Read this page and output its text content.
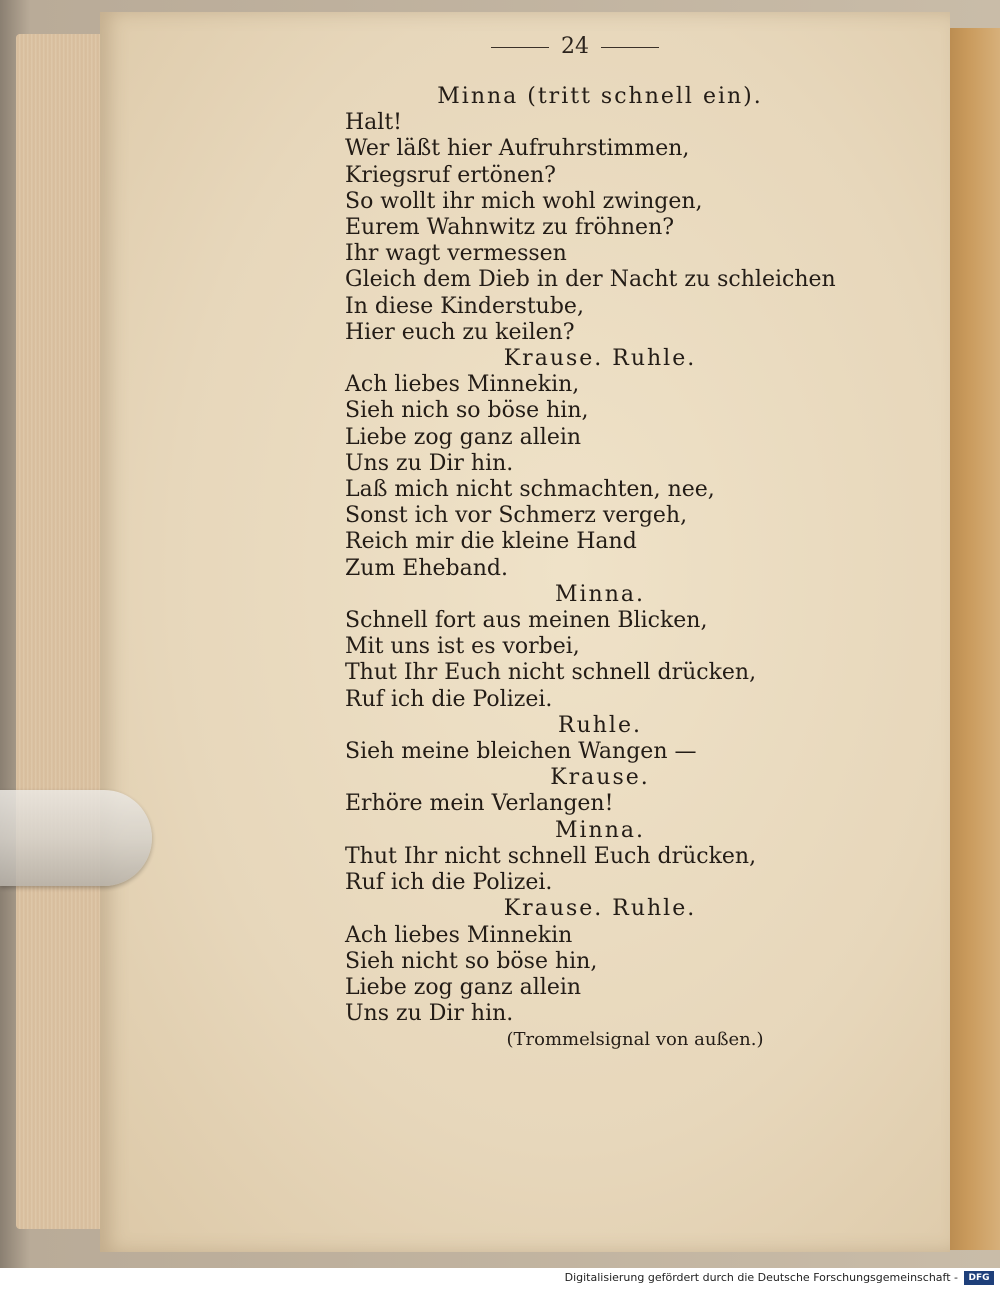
24
Minna (tritt schnell ein).
Halt!
Wer läßt hier Aufruhrstimmen,
Kriegsruf ertönen?
So wollt ihr mich wohl zwingen,
Eurem Wahnwitz zu fröhnen?
Ihr wagt vermessen
Gleich dem Dieb in der Nacht zu schleichen
In diese Kinderstube,
Hier euch zu keilen?
Krause. Ruhle.
Ach liebes Minnekin,
Sieh nich so böse hin,
Liebe zog ganz allein
Uns zu Dir hin.
Laß mich nicht schmachten, nee,
Sonst ich vor Schmerz vergeh,
Reich mir die kleine Hand
Zum Eheband.
Minna.
Schnell fort aus meinen Blicken,
Mit uns ist es vorbei,
Thut Ihr Euch nicht schnell drücken,
Ruf ich die Polizei.
Ruhle.
Sieh meine bleichen Wangen —
Krause.
Erhöre mein Verlangen!
Minna.
Thut Ihr nicht schnell Euch drücken,
Ruf ich die Polizei.
Krause. Ruhle.
Ach liebes Minnekin
Sieh nicht so böse hin,
Liebe zog ganz allein
Uns zu Dir hin.
(Trommelsignal von außen.)
Digitalisierung gefördert durch die Deutsche Forschungsgemeinschaft -	DFG
